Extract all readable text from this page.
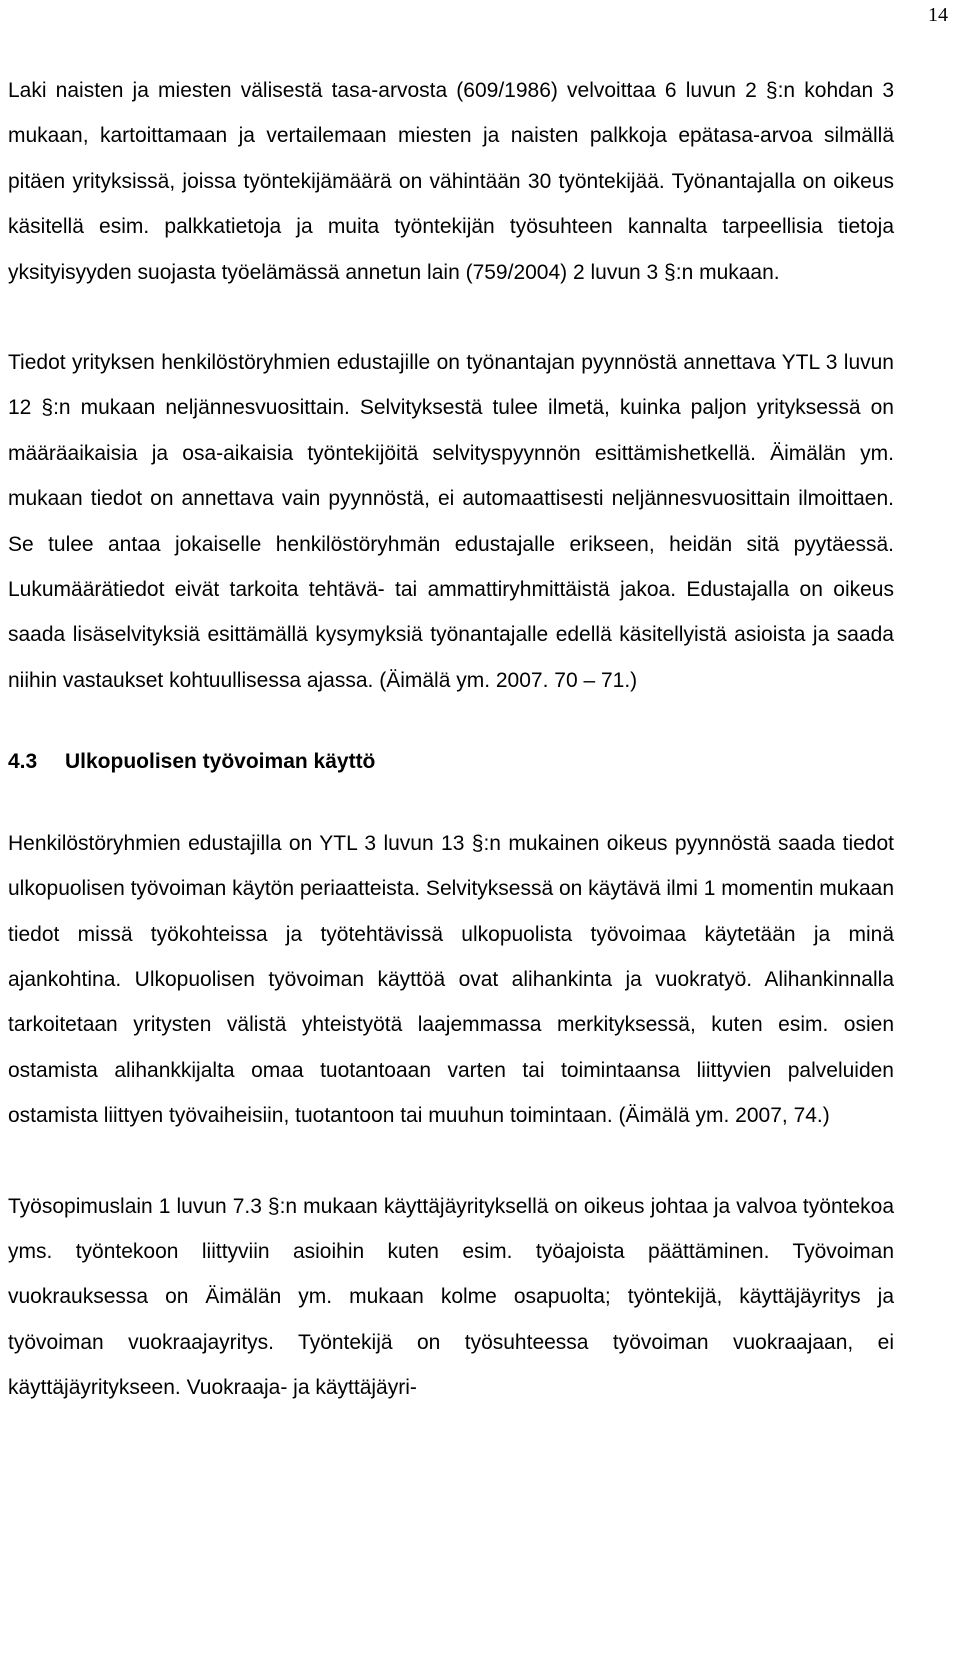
14

Laki naisten ja miesten välisestä tasa-arvosta (609/1986) velvoittaa 6 luvun 2 §:n kohdan 3 mukaan, kartoittamaan ja vertailemaan miesten ja naisten palkkoja epätasa-arvoa silmällä pitäen yrityksissä, joissa työntekijämäärä on vähintään 30 työntekijää. Työnantajalla on oikeus käsitellä esim. palkkatietoja ja muita työntekijän työsuhteen kannalta tarpeellisia tietoja yksityisyyden suojasta työelämässä annetun lain (759/2004) 2 luvun 3 §:n mukaan.

Tiedot yrityksen henkilöstöryhmien edustajille on työnantajan pyynnöstä annettava YTL 3 luvun 12 §:n mukaan neljännesvuosittain. Selvityksestä tulee ilmetä, kuinka paljon yrityksessä on määräaikaisia ja osa-aikaisia työntekijöitä selvityspyynnön esittämishetkellä. Äimälän ym. mukaan tiedot on annettava vain pyynnöstä, ei automaattisesti neljännesvuosittain ilmoittaen. Se tulee antaa jokaiselle henkilöstöryhmän edustajalle erikseen, heidän sitä pyytäessä. Lukumäärätiedot eivät tarkoita tehtävä- tai ammattiryhmittäistä jakoa. Edustajalla on oikeus saada lisäselvityksiä esittämällä kysymyksiä työnantajalle edellä käsitellyistä asioista ja saada niihin vastaukset kohtuullisessa ajassa. (Äimälä ym. 2007. 70 – 71.)

4.3	Ulkopuolisen työvoiman käyttö

Henkilöstöryhmien edustajilla on YTL 3 luvun 13 §:n mukainen oikeus pyynnöstä saada tiedot ulkopuolisen työvoiman käytön periaatteista. Selvityksessä on käytävä ilmi 1 momentin mukaan tiedot missä työkohteissa ja työtehtävissä ulkopuolista työvoimaa käytetään ja minä ajankohtina. Ulkopuolisen työvoiman käyttöä ovat alihankinta ja vuokratyö. Alihankinnalla tarkoitetaan yritysten välistä yhteistyötä laajemmassa merkityksessä, kuten esim. osien ostamista alihankkijalta omaa tuotantoaan varten tai toimintaansa liittyvien palveluiden ostamista liittyen työvaiheisiin, tuotantoon tai muuhun toimintaan. (Äimälä ym. 2007, 74.)

Työsopimuslain 1 luvun 7.3 §:n mukaan käyttäjäyrityksellä on oikeus johtaa ja valvoa työntekoa yms. työntekoon liittyviin asioihin kuten esim. työajoista päättäminen. Työvoiman vuokrauksessa on Äimälän ym. mukaan kolme osapuolta; työntekijä, käyttäjäyritys ja työvoiman vuokraajayritys. Työntekijä on työsuhteessa työvoiman vuokraajaan, ei käyttäjäyritykseen. Vuokraaja- ja käyttäjäyri-
